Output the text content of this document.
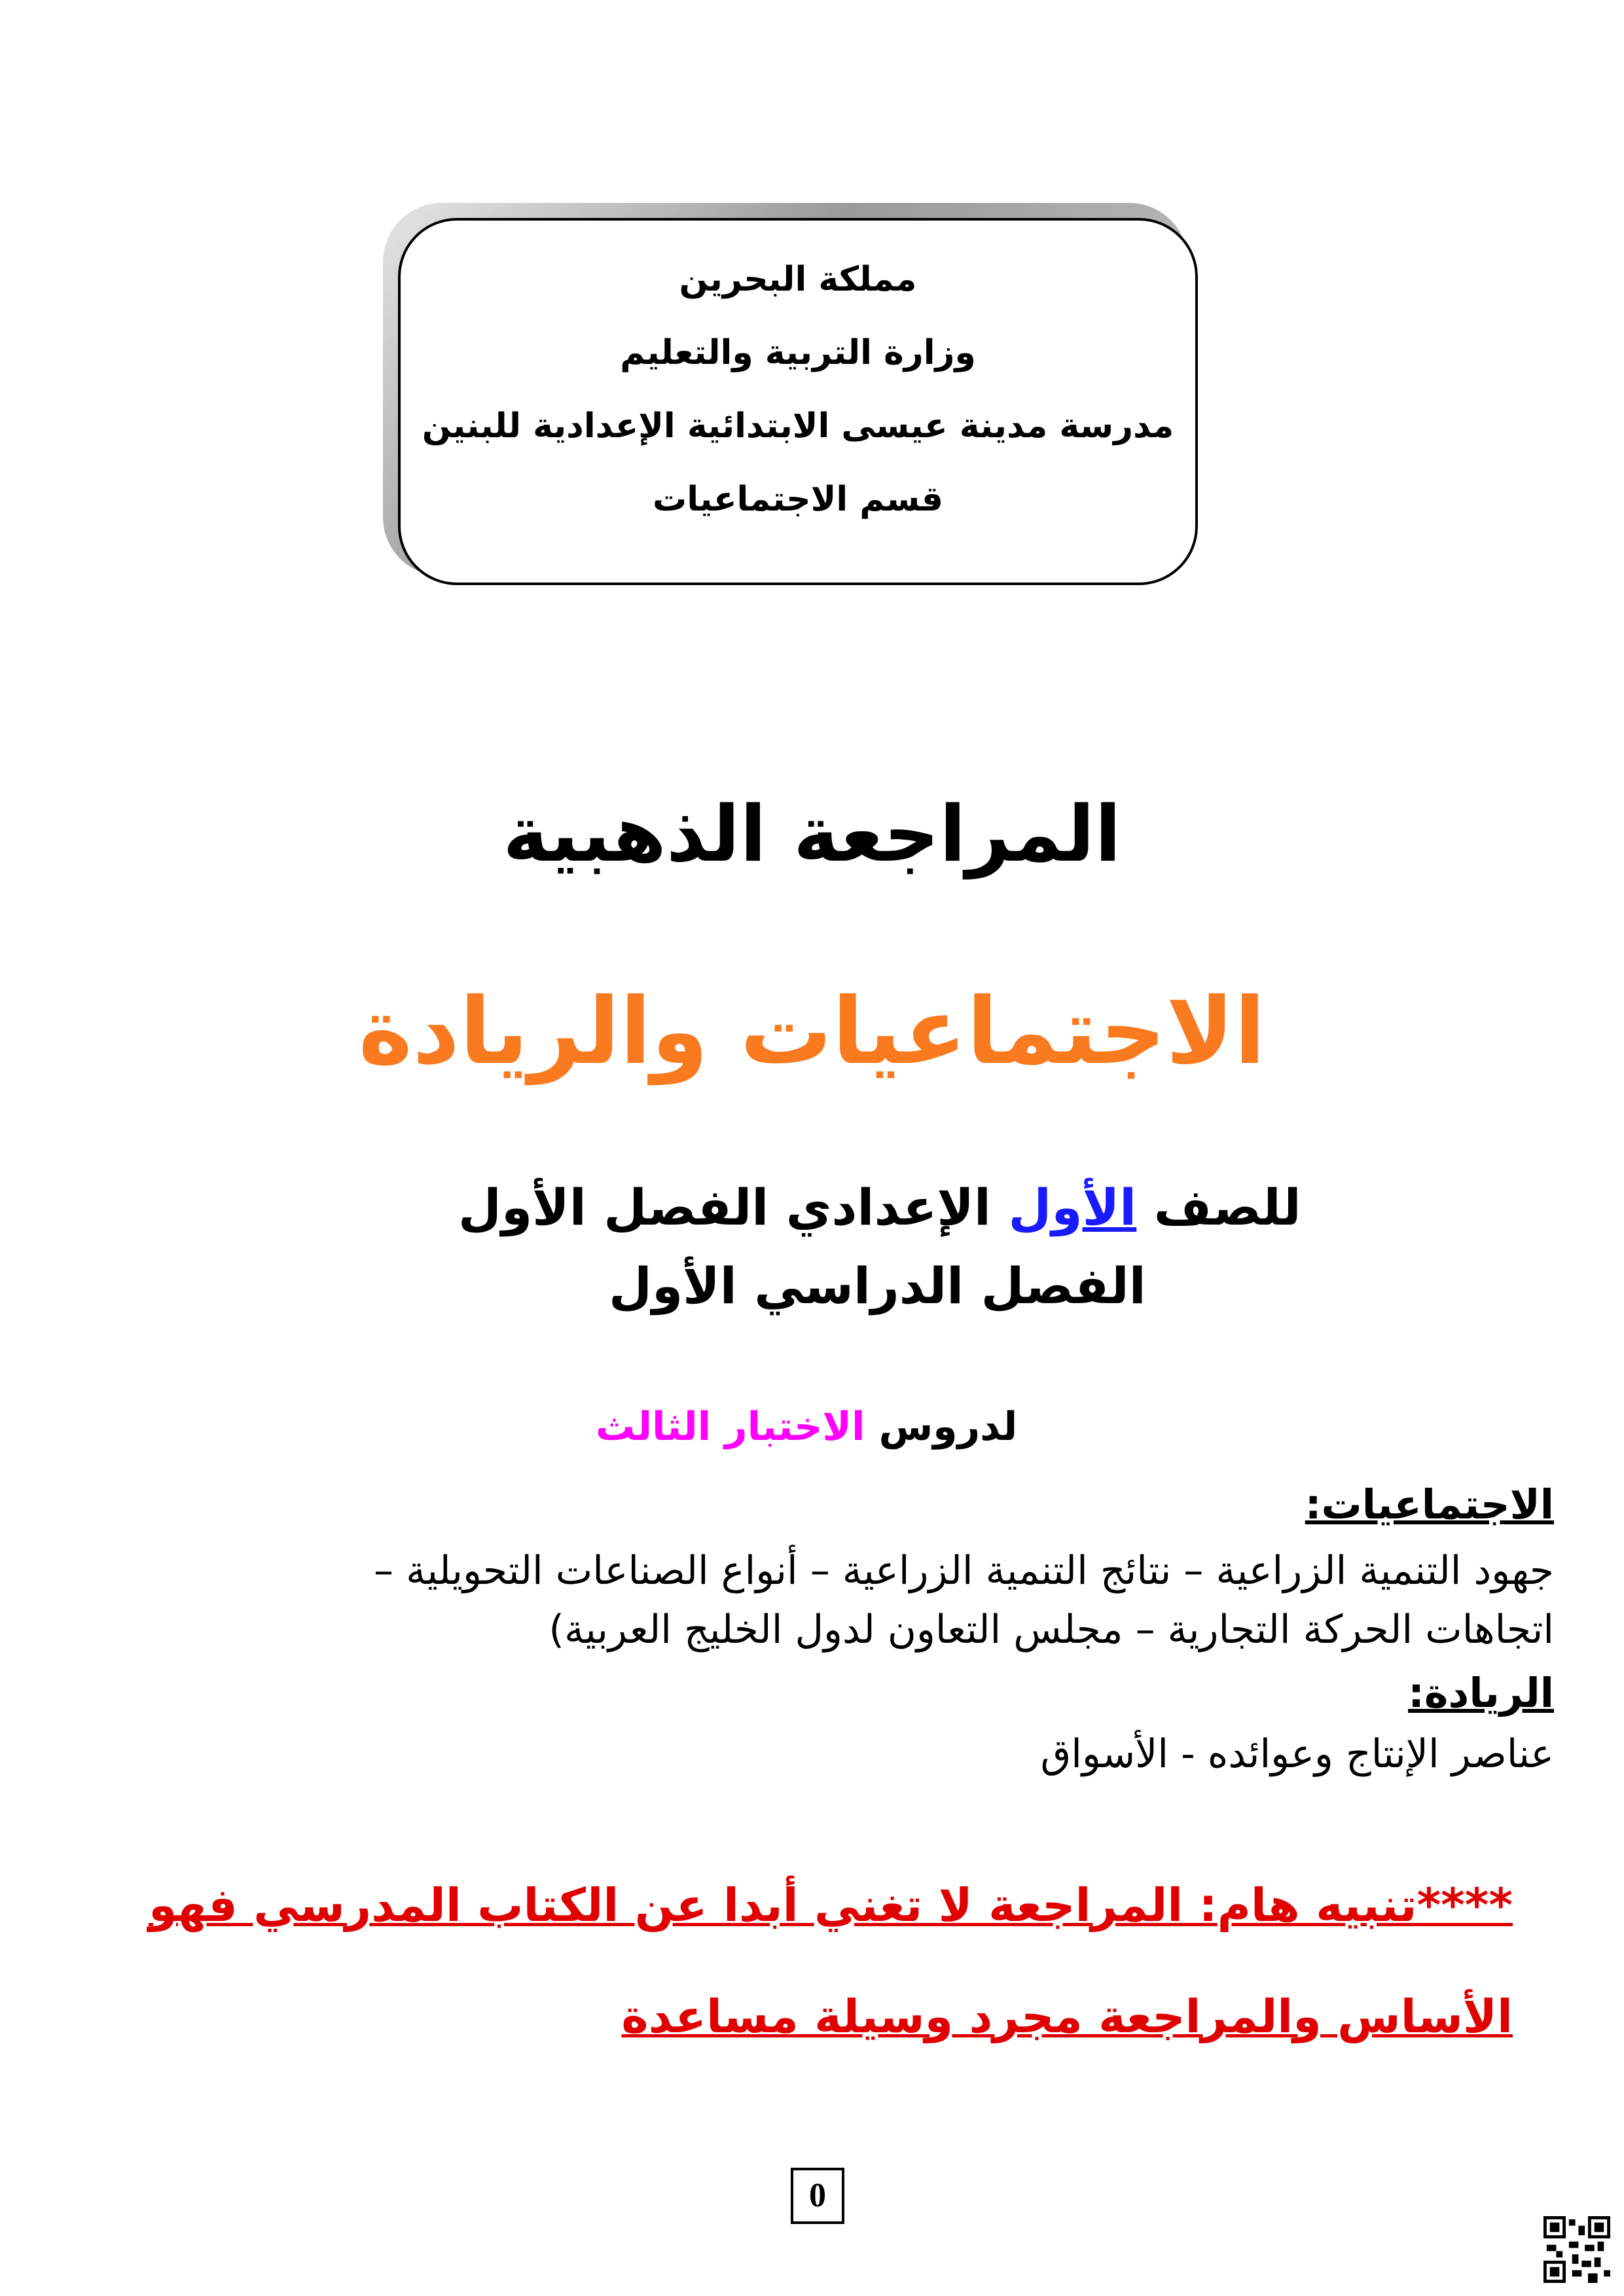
مملكة البحرين
وزارة التربية والتعليم
مدرسة مدينة عيسى الابتدائية الإعدادية للبنين
قسم الاجتماعيات
المراجعة الذهبية
الاجتماعيات والريادة
للصف الأول الإعدادي الفصل الأول
الفصل الدراسي الأول
لدروس الاختبار الثالث
الاجتماعيات:
جهود التنمية الزراعية – نتائج التنمية الزراعية – أنواع الصناعات التحويلية –
اتجاهات الحركة التجارية – مجلس التعاون لدول الخليج العربية)
الريادة:
عناصر الإنتاج وعوائده - الأسواق
****تنبيه هام: المراجعة لا تغني أبدا عن الكتاب المدرسي فهو
الأساس والمراجعة مجرد وسيلة مساعدة
0
